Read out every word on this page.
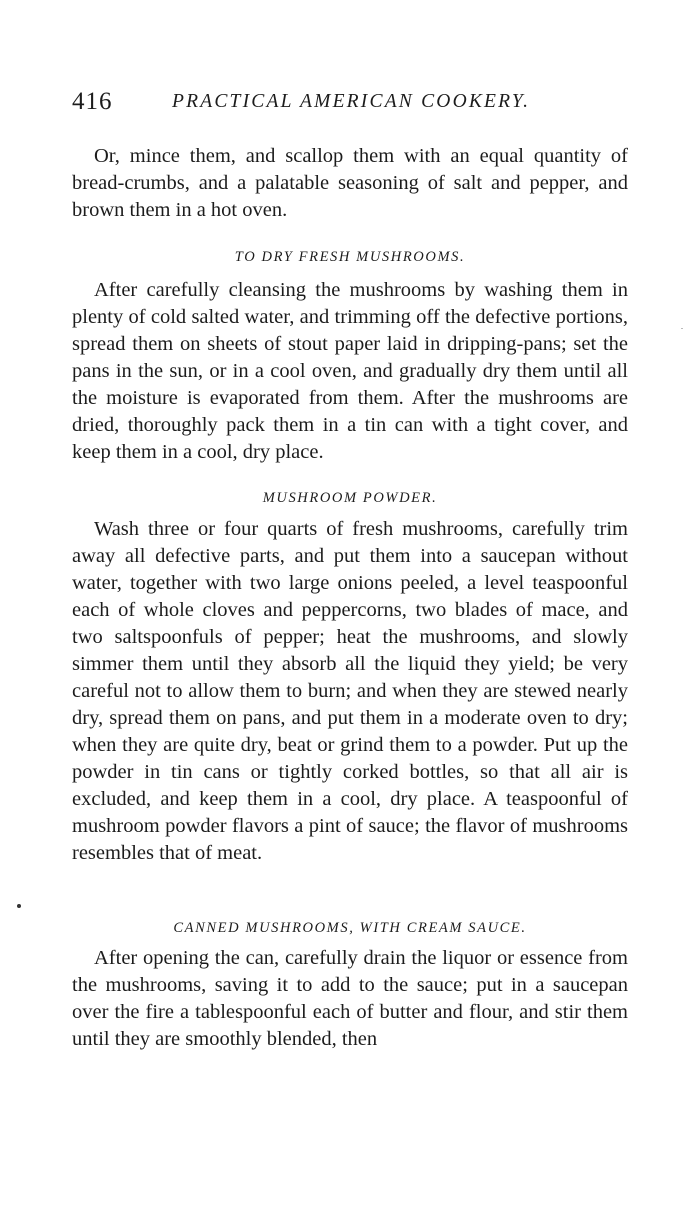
416	PRACTICAL AMERICAN COOKERY.

Or, mince them, and scallop them with an equal quantity of bread-crumbs, and a palatable seasoning of salt and pepper, and brown them in a hot oven.

TO DRY FRESH MUSHROOMS.

After carefully cleansing the mushrooms by washing them in plenty of cold salted water, and trimming off the defective portions, spread them on sheets of stout paper laid in dripping-pans; set the pans in the sun, or in a cool oven, and gradually dry them until all the moisture is evaporated from them. After the mushrooms are dried, thoroughly pack them in a tin can with a tight cover, and keep them in a cool, dry place.

MUSHROOM POWDER.

Wash three or four quarts of fresh mushrooms, carefully trim away all defective parts, and put them into a saucepan without water, together with two large onions peeled, a level teaspoonful each of whole cloves and peppercorns, two blades of mace, and two saltspoonfuls of pepper; heat the mushrooms, and slowly simmer them until they absorb all the liquid they yield; be very careful not to allow them to burn; and when they are stewed nearly dry, spread them on pans, and put them in a moderate oven to dry; when they are quite dry, beat or grind them to a powder. Put up the powder in tin cans or tightly corked bottles, so that all air is excluded, and keep them in a cool, dry place. A teaspoonful of mushroom powder flavors a pint of sauce; the flavor of mushrooms resembles that of meat.

CANNED MUSHROOMS, WITH CREAM SAUCE.

After opening the can, carefully drain the liquor or essence from the mushrooms, saving it to add to the sauce; put in a saucepan over the fire a tablespoonful each of butter and flour, and stir them until they are smoothly blended, then
